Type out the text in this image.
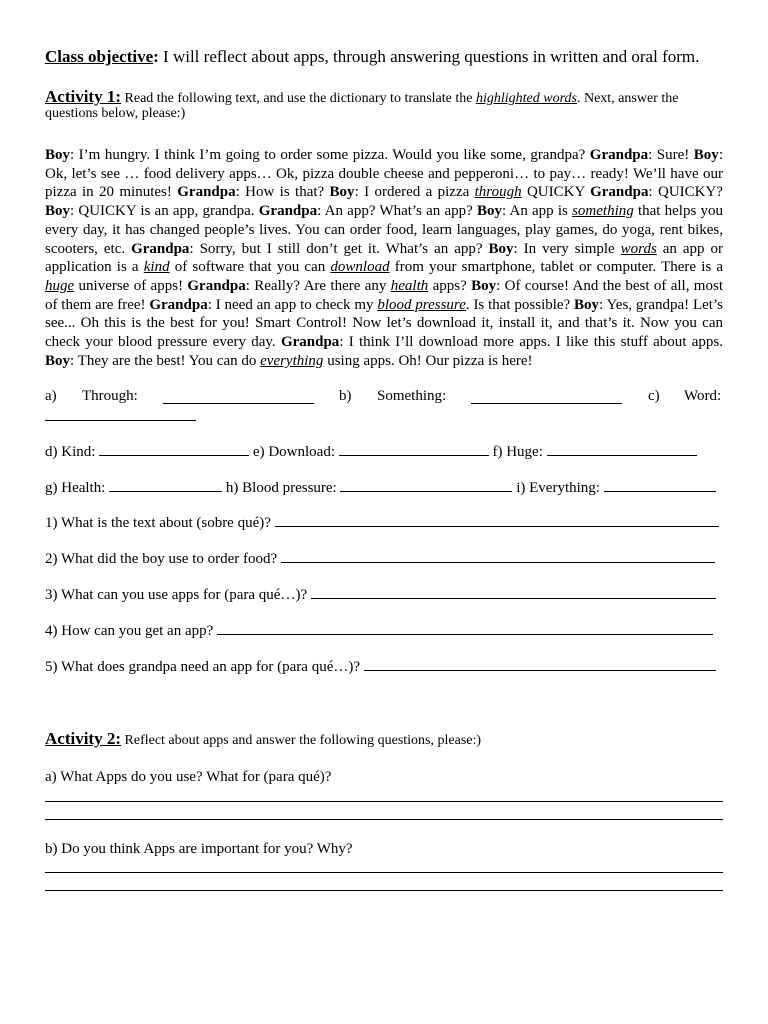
Class objective: I will reflect about apps, through answering questions in written and oral form.
Activity 1: Read the following text, and use the dictionary to translate the highlighted words. Next, answer the
questions below, please:)
Boy: I’m hungry. I think I’m going to order some pizza. Would you like some, grandpa? Grandpa: Sure! Boy: Ok, let’s see … food delivery apps… Ok, pizza double cheese and pepperoni… to pay… ready! We’ll have our pizza in 20 minutes! Grandpa: How is that? Boy: I ordered a pizza through QUICKY Grandpa: QUICKY? Boy: QUICKY is an app, grandpa. Grandpa: An app? What’s an app? Boy: An app is something that helps you every day, it has changed people’s lives. You can order food, learn languages, play games, do yoga, rent bikes, scooters, etc. Grandpa: Sorry, but I still don’t get it. What’s an app? Boy: In very simple words an app or application is a kind of software that you can download from your smartphone, tablet or computer. There is a huge universe of apps! Grandpa: Really? Are there any health apps? Boy: Of course! And the best of all, most of them are free! Grandpa: I need an app to check my blood pressure. Is that possible? Boy: Yes, grandpa! Let’s see... Oh this is the best for you! Smart Control! Now let’s download it, install it, and that’s it. Now you can check your blood pressure every day. Grandpa: I think I’ll download more apps. I like this stuff about apps. Boy: They are the best! You can do everything using apps. Oh! Our pizza is here!
a) Through:	b) Something:	c) Word:
d) Kind:	e) Download:	f) Huge:
g) Health:	h) Blood pressure:	i) Everything:
1) What is the text about (sobre qué)?
2) What did the boy use to order food?
3) What can you use apps for (para qué…)?
4) How can you get an app?
5) What does grandpa need an app for (para qué…)?
Activity 2: Reflect about apps and answer the following questions, please:)
a) What Apps do you use? What for (para qué)?
b) Do you think Apps are important for you? Why?
